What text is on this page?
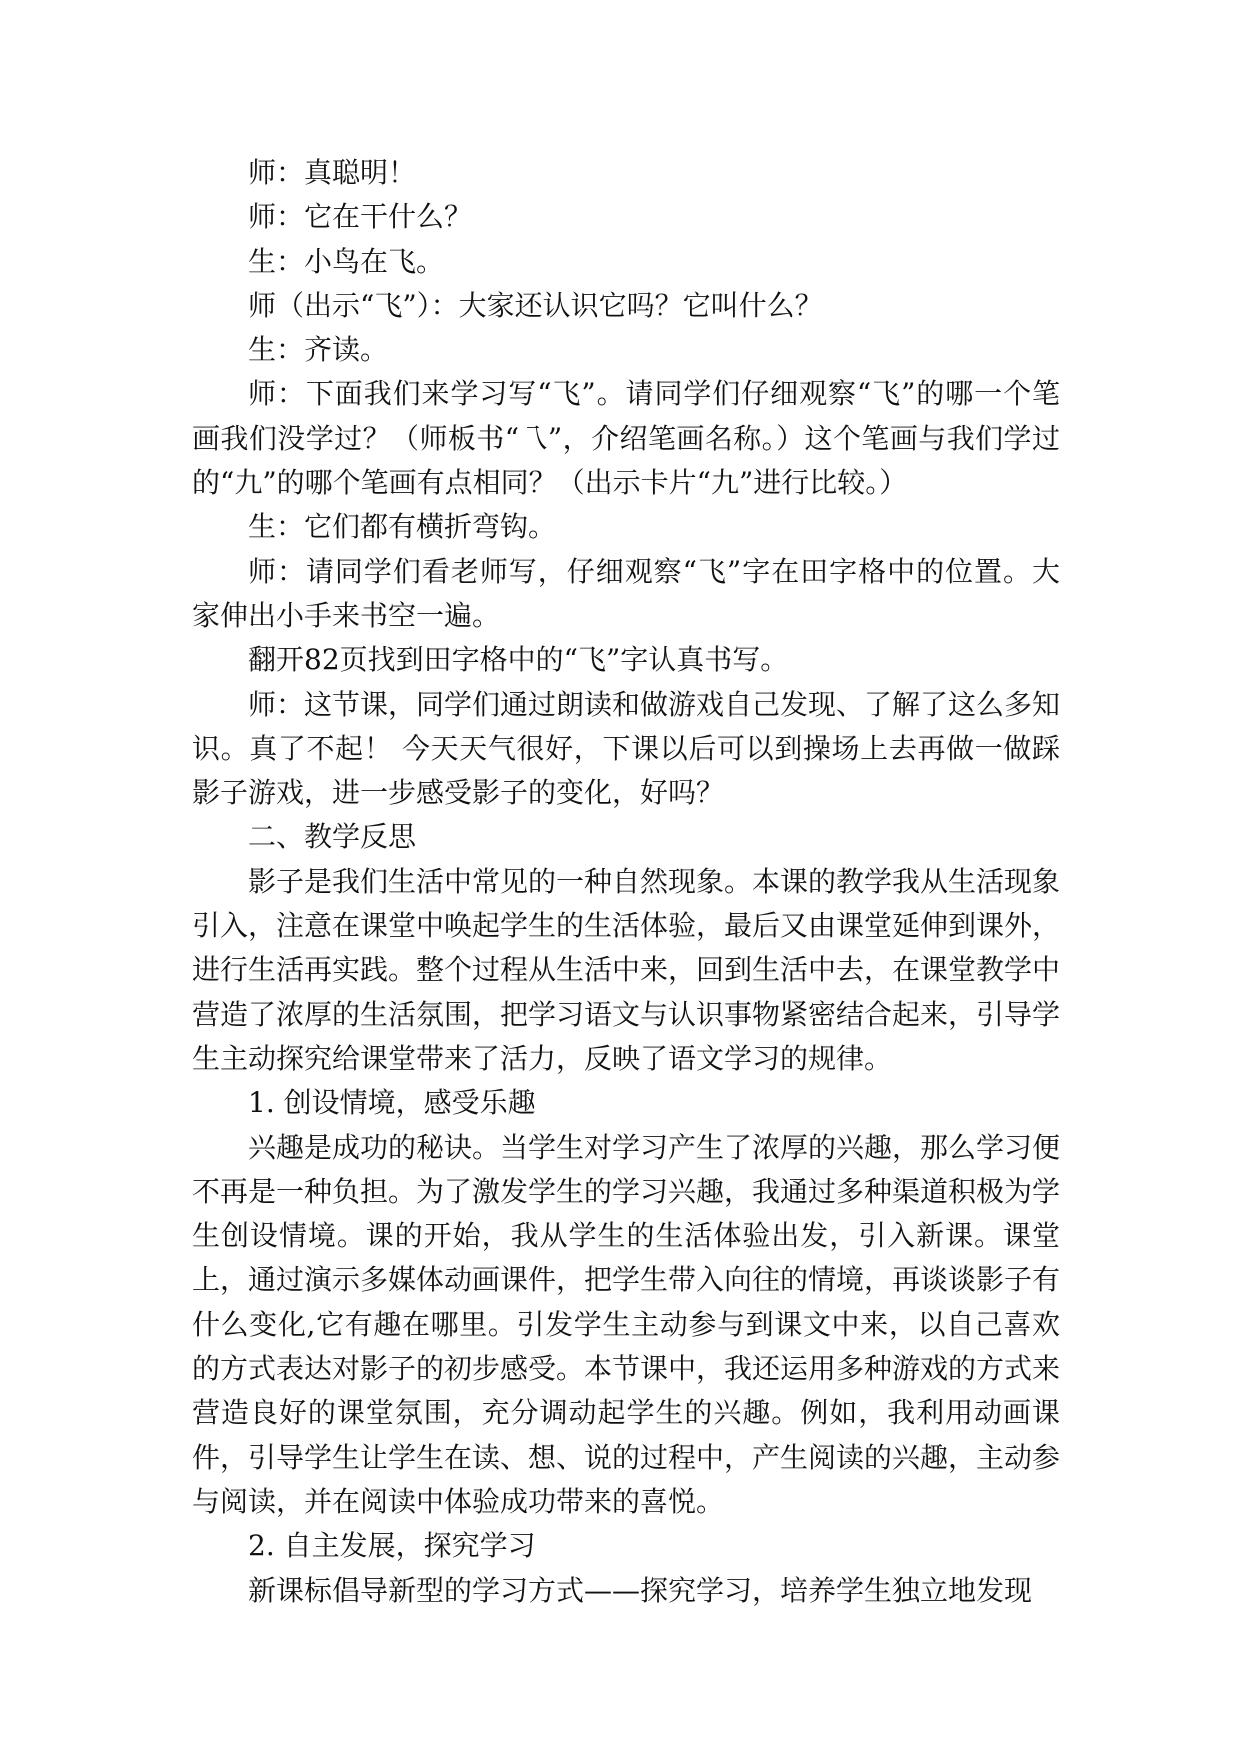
师：真聪明！

师：它在干什么？

生：小鸟在飞。

师（出示“飞”）：大家还认识它吗？它叫什么？

生：齐读。

师：下面我们来学习写“飞”。请同学们仔细观察“飞”的哪一个笔画我们没学过？（师板书“乁”，介绍笔画名称。）这个笔画与我们学过的“九”的哪个笔画有点相同？（出示卡片“九”进行比较。）

生：它们都有横折弯钩。

师：请同学们看老师写，仔细观察“飞”字在田字格中的位置。大家伸出小手来书空一遍。

翻开82页找到田字格中的“飞”字认真书写。

师：这节课，同学们通过朗读和做游戏自己发现、了解了这么多知识。真了不起！ 今天天气很好，下课以后可以到操场上去再做一做踩影子游戏，进一步感受影子的变化，好吗？

二、教学反思

影子是我们生活中常见的一种自然现象。本课的教学我从生活现象引入，注意在课堂中唤起学生的生活体验，最后又由课堂延伸到课外，进行生活再实践。整个过程从生活中来，回到生活中去，在课堂教学中营造了浓厚的生活氛围，把学习语文与认识事物紧密结合起来，引导学生主动探究给课堂带来了活力，反映了语文学习的规律。

1. 创设情境，感受乐趣

兴趣是成功的秘诀。当学生对学习产生了浓厚的兴趣，那么学习便不再是一种负担。为了激发学生的学习兴趣，我通过多种渠道积极为学生创设情境。课的开始，我从学生的生活体验出发，引入新课。课堂上，通过演示多媒体动画课件，把学生带入向往的情境，再谈谈影子有什么变化,它有趣在哪里。引发学生主动参与到课文中来，以自己喜欢的方式表达对影子的初步感受。本节课中，我还运用多种游戏的方式来营造良好的课堂氛围，充分调动起学生的兴趣。例如，我利用动画课件，引导学生让学生在读、想、说的过程中，产生阅读的兴趣，主动参与阅读，并在阅读中体验成功带来的喜悦。

2. 自主发展，探究学习

新课标倡导新型的学习方式——探究学习，培养学生独立地发现
